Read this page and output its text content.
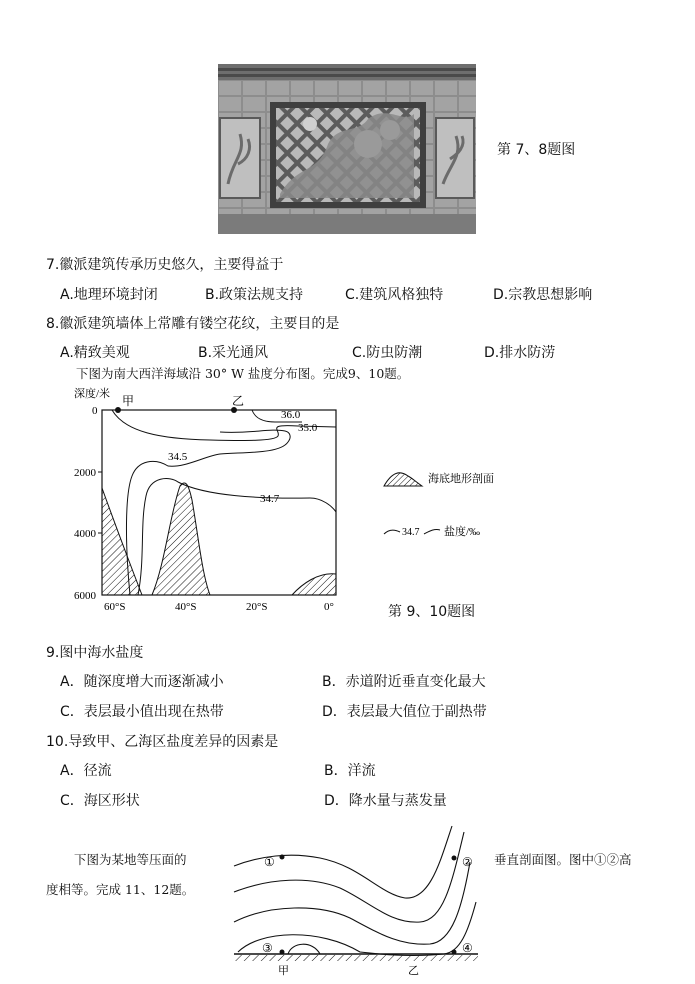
第 7、8题图
7.徽派建筑传承历史悠久，主要得益于
A.地理环境封闭	B.政策法规支持	C.建筑风格独特	D.宗教思想影响
8.徽派建筑墙体上常雕有镂空花纹，主要目的是
A.精致美观	B.采光通风	C.防虫防潮	D.排水防涝
下图为南大西洋海域沿 30° W 盐度分布图。完成9、10题。
深度/米
0
2000
4000
6000
60°S	40°S	20°S	0°
甲	乙
36.0
35.0
34.5
34.7
海底地形剖面
34.7 盐度/‰
第 9、10题图
9.图中海水盐度
A．随深度增大而逐渐减小	B．赤道附近垂直变化最大
C．表层最小值出现在热带	D．表层最大值位于副热带
10.导致甲、乙海区盐度差异的因素是
A．径流	B．洋流
C．海区形状	D．降水量与蒸发量
下图为某地等压面的	垂直剖面图。图中①②高
度相等。完成 11、12题。
①	②
③	④
甲	乙
